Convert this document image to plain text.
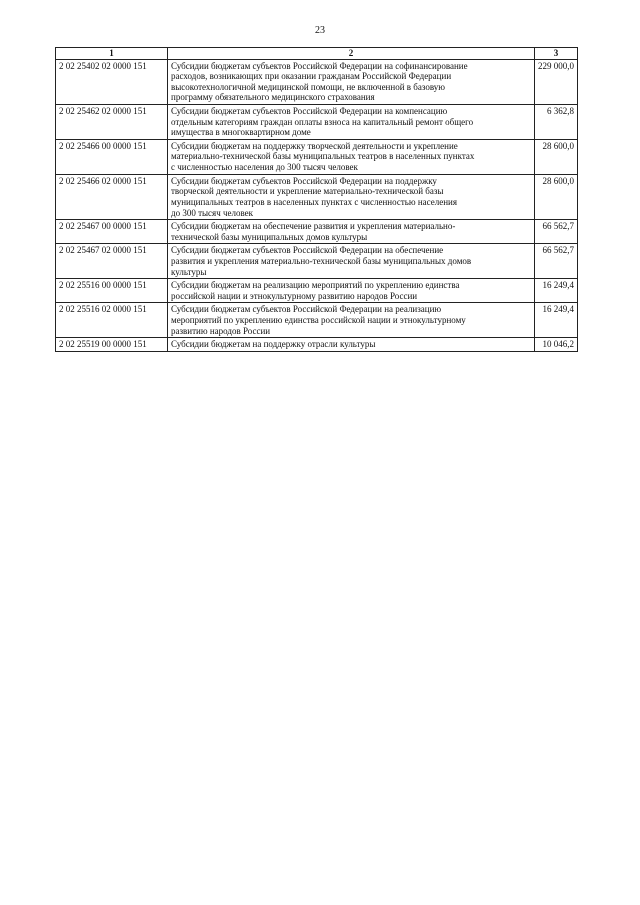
23
1	2	3
2 02 25402 02 0000 151	Субсидии бюджетам субъектов Российской Федерации на софинансирование
расходов, возникающих при оказании гражданам Российской Федерации
высокотехнологичной медицинской помощи, не включенной в базовую
программу обязательного медицинского страхования	229 000,0
2 02 25462 02 0000 151	Субсидии бюджетам субъектов Российской Федерации на компенсацию
отдельным категориям граждан оплаты взноса на капитальный ремонт общего
имущества в многоквартирном доме	6 362,8
2 02 25466 00 0000 151	Субсидии бюджетам на поддержку творческой деятельности и укрепление
материально-технической базы муниципальных театров в населенных пунктах
с численностью населения до 300 тысяч человек	28 600,0
2 02 25466 02 0000 151	Субсидии бюджетам субъектов Российской Федерации на поддержку
творческой деятельности и укрепление материально-технической базы
муниципальных театров в населенных пунктах с численностью населения
до 300 тысяч человек	28 600,0
2 02 25467 00 0000 151	Субсидии бюджетам на обеспечение развития и укрепления материально-
технической базы муниципальных домов культуры	66 562,7
2 02 25467 02 0000 151	Субсидии бюджетам субъектов Российской Федерации на обеспечение
развития и укрепления материально-технической базы муниципальных домов
культуры	66 562,7
2 02 25516 00 0000 151	Субсидии бюджетам на реализацию мероприятий по укреплению единства
российской нации и этнокультурному развитию народов России	16 249,4
2 02 25516 02 0000 151	Субсидии бюджетам субъектов Российской Федерации на реализацию
мероприятий по укреплению единства российской нации и этнокультурному
развитию народов России	16 249,4
2 02 25519 00 0000 151	Субсидии бюджетам на поддержку отрасли культуры	10 046,2
